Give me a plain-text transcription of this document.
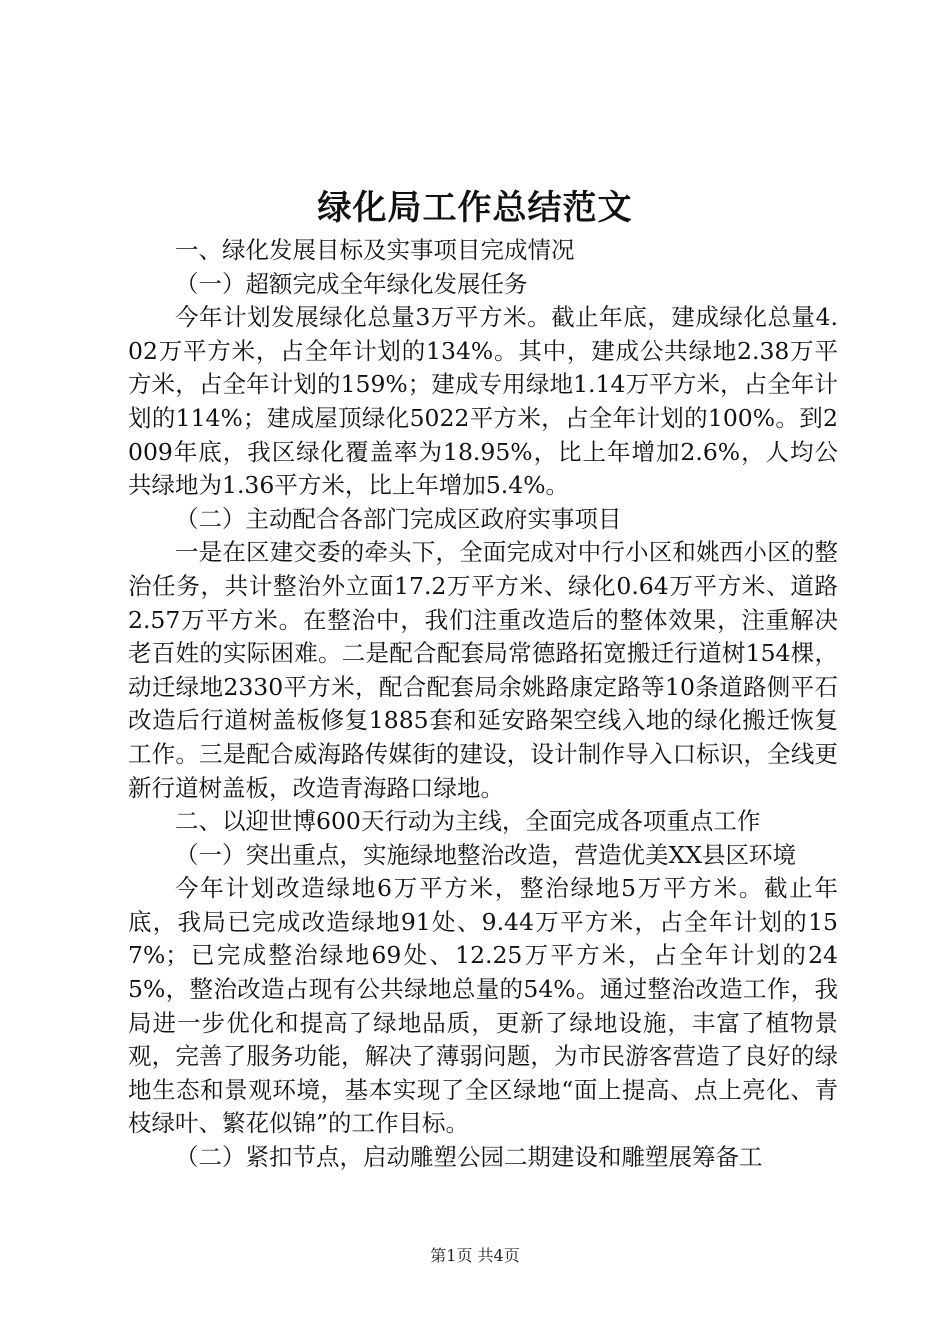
绿化局工作总结范文

一、绿化发展目标及实事项目完成情况

（一）超额完成全年绿化发展任务

今年计划发展绿化总量3万平方米。截止年底，建成绿化总量4.02万平方米，占全年计划的134%。其中，建成公共绿地2.38万平方米，占全年计划的159%；建成专用绿地1.14万平方米，占全年计划的114%；建成屋顶绿化5022平方米，占全年计划的100%。到2009年底，我区绿化覆盖率为18.95%，比上年增加2.6%，人均公共绿地为1.36平方米，比上年增加5.4%。

（二）主动配合各部门完成区政府实事项目

一是在区建交委的牵头下，全面完成对中行小区和姚西小区的整治任务，共计整治外立面17.2万平方米、绿化0.64万平方米、道路2.57万平方米。在整治中，我们注重改造后的整体效果，注重解决老百姓的实际困难。二是配合配套局常德路拓宽搬迁行道树154棵，动迁绿地2330平方米，配合配套局余姚路康定路等10条道路侧平石改造后行道树盖板修复1885套和延安路架空线入地的绿化搬迁恢复工作。三是配合威海路传媒街的建设，设计制作导入口标识，全线更新行道树盖板，改造青海路口绿地。

二、以迎世博600天行动为主线，全面完成各项重点工作

（一）突出重点，实施绿地整治改造，营造优美XX县区环境

今年计划改造绿地6万平方米，整治绿地5万平方米。截止年底，我局已完成改造绿地91处、9.44万平方米，占全年计划的157%；已完成整治绿地69处、12.25万平方米，占全年计划的245%，整治改造占现有公共绿地总量的54%。通过整治改造工作，我局进一步优化和提高了绿地品质，更新了绿地设施，丰富了植物景观，完善了服务功能，解决了薄弱问题，为市民游客营造了良好的绿地生态和景观环境，基本实现了全区绿地“面上提高、点上亮化、青枝绿叶、繁花似锦”的工作目标。

（二）紧扣节点，启动雕塑公园二期建设和雕塑展筹备工

第1页 共4页
